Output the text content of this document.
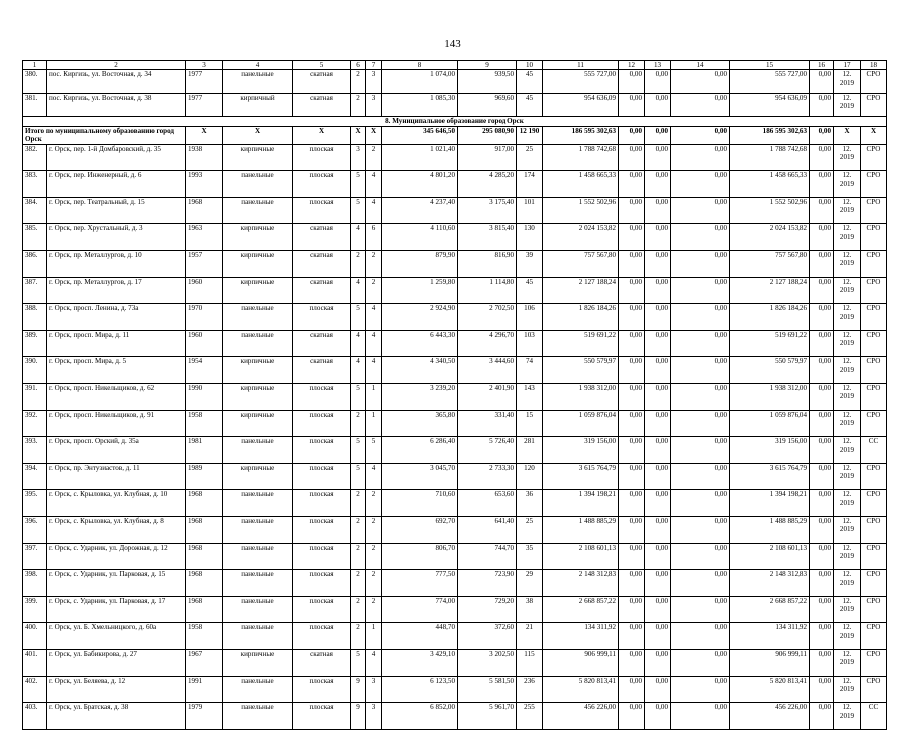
143
1	2	3	4	5	6	7	8	9	10	11	12	13	14	15	16	17	18
380.	пос. Киргизь, ул. Восточная, д. 34	1977	панельные	скатная	2	3	1 074,00	939,50	45	555 727,00	0,00	0,00	0,00	555 727,00	0,00	12. 2019	СРО
381.	пос. Киргизь, ул. Восточная, д. 38	1977	кирпичный	скатная	2	3	1 085,30	969,60	45	954 636,09	0,00	0,00	0,00	954 636,09	0,00	12. 2019	СРО
8. Муниципальное образование город Орск																	
Итого по муниципальному образованию город Орск		X	X	X	X	X	345 646,50	295 080,90	12 190	186 595 302,63	0,00	0,00	0,00	186 595 302,63	0,00	X	X
382.	г. Орск, пер. 1-й Домбаровский, д. 35	1938	кирпичные	плоская	3	2	1 021,40	917,00	25	1 788 742,68	0,00	0,00	0,00	1 788 742,68	0,00	12. 2019	СРО
383.	г. Орск, пер. Инженерный, д. 6	1993	панельные	плоская	5	4	4 801,20	4 285,20	174	1 458 665,33	0,00	0,00	0,00	1 458 665,33	0,00	12. 2019	СРО
384.	г. Орск, пер. Театральный, д. 15	1968	панельные	плоская	5	4	4 237,40	3 175,40	101	1 552 502,96	0,00	0,00	0,00	1 552 502,96	0,00	12. 2019	СРО
385.	г. Орск, пер. Хрустальный, д. 3	1963	кирпичные	скатная	4	6	4 110,60	3 815,40	130	2 024 153,82	0,00	0,00	0,00	2 024 153,82	0,00	12. 2019	СРО
386.	г. Орск, пр. Металлургов, д. 10	1957	кирпичные	скатная	2	2	879,90	816,90	39	757 567,80	0,00	0,00	0,00	757 567,80	0,00	12. 2019	СРО
387.	г. Орск, пр. Металлургов, д. 17	1960	кирпичные	скатная	4	2	1 259,80	1 114,80	45	2 127 188,24	0,00	0,00	0,00	2 127 188,24	0,00	12. 2019	СРО
388.	г. Орск, просп. Ленина, д. 73а	1970	панельные	плоская	5	4	2 924,90	2 702,50	106	1 826 184,26	0,00	0,00	0,00	1 826 184,26	0,00	12. 2019	СРО
389.	г. Орск, просп. Мира, д. 11	1960	панельные	скатная	4	4	6 443,30	4 296,70	103	519 691,22	0,00	0,00	0,00	519 691,22	0,00	12. 2019	СРО
390.	г. Орск, просп. Мира, д. 5	1954	кирпичные	скатная	4	4	4 340,50	3 444,60	74	550 579,97	0,00	0,00	0,00	550 579,97	0,00	12. 2019	СРО
391.	г. Орск, просп. Никельщиков, д. 62	1990	кирпичные	плоская	5	1	3 239,20	2 401,90	143	1 938 312,00	0,00	0,00	0,00	1 938 312,00	0,00	12. 2019	СРО
392.	г. Орск, просп. Никельщиков, д. 91	1958	кирпичные	плоская	2	1	365,80	331,40	15	1 059 876,04	0,00	0,00	0,00	1 059 876,04	0,00	12. 2019	СРО
393.	г. Орск, просп. Орский, д. 35а	1981	панельные	плоская	5	5	6 286,40	5 726,40	281	319 156,00	0,00	0,00	0,00	319 156,00	0,00	12. 2019	СС
394.	г. Орск, пр. Энтузиастов, д. 11	1989	кирпичные	плоская	5	4	3 045,70	2 733,30	120	3 615 764,79	0,00	0,00	0,00	3 615 764,79	0,00	12. 2019	СРО
395.	г. Орск, с. Крыловка, ул. Клубная, д. 10	1968	панельные	плоская	2	2	710,60	653,60	36	1 394 198,21	0,00	0,00	0,00	1 394 198,21	0,00	12. 2019	СРО
396.	г. Орск, с. Крыловка, ул. Клубная, д. 8	1968	панельные	плоская	2	2	692,70	641,40	25	1 488 885,29	0,00	0,00	0,00	1 488 885,29	0,00	12. 2019	СРО
397.	г. Орск, с. Ударник, ул. Дорожная, д. 12	1968	панельные	плоская	2	2	806,70	744,70	35	2 108 601,13	0,00	0,00	0,00	2 108 601,13	0,00	12. 2019	СРО
398.	г. Орск, с. Ударник, ул. Парковая, д. 15	1968	панельные	плоская	2	2	777,50	723,90	29	2 148 312,83	0,00	0,00	0,00	2 148 312,83	0,00	12. 2019	СРО
399.	г. Орск, с. Ударник, ул. Парковая, д. 17	1968	панельные	плоская	2	2	774,00	729,20	38	2 668 857,22	0,00	0,00	0,00	2 668 857,22	0,00	12. 2019	СРО
400.	г. Орск, ул. Б. Хмельницкого, д. 60а	1958	панельные	плоская	2	1	448,70	372,60	21	134 311,92	0,00	0,00	0,00	134 311,92	0,00	12. 2019	СРО
401.	г. Орск, ул. Бабикирова, д. 27	1967	кирпичные	скатная	5	4	3 429,10	3 202,50	115	906 999,11	0,00	0,00	0,00	906 999,11	0,00	12. 2019	СРО
402.	г. Орск, ул. Беляева, д. 12	1991	панельные	плоская	9	3	6 123,50	5 581,50	236	5 820 813,41	0,00	0,00	0,00	5 820 813,41	0,00	12. 2019	СРО
403.	г. Орск, ул. Братская, д. 38	1979	панельные	плоская	9	3	6 852,00	5 961,70	255	456 226,00	0,00	0,00	0,00	456 226,00	0,00	12. 2019	СС
